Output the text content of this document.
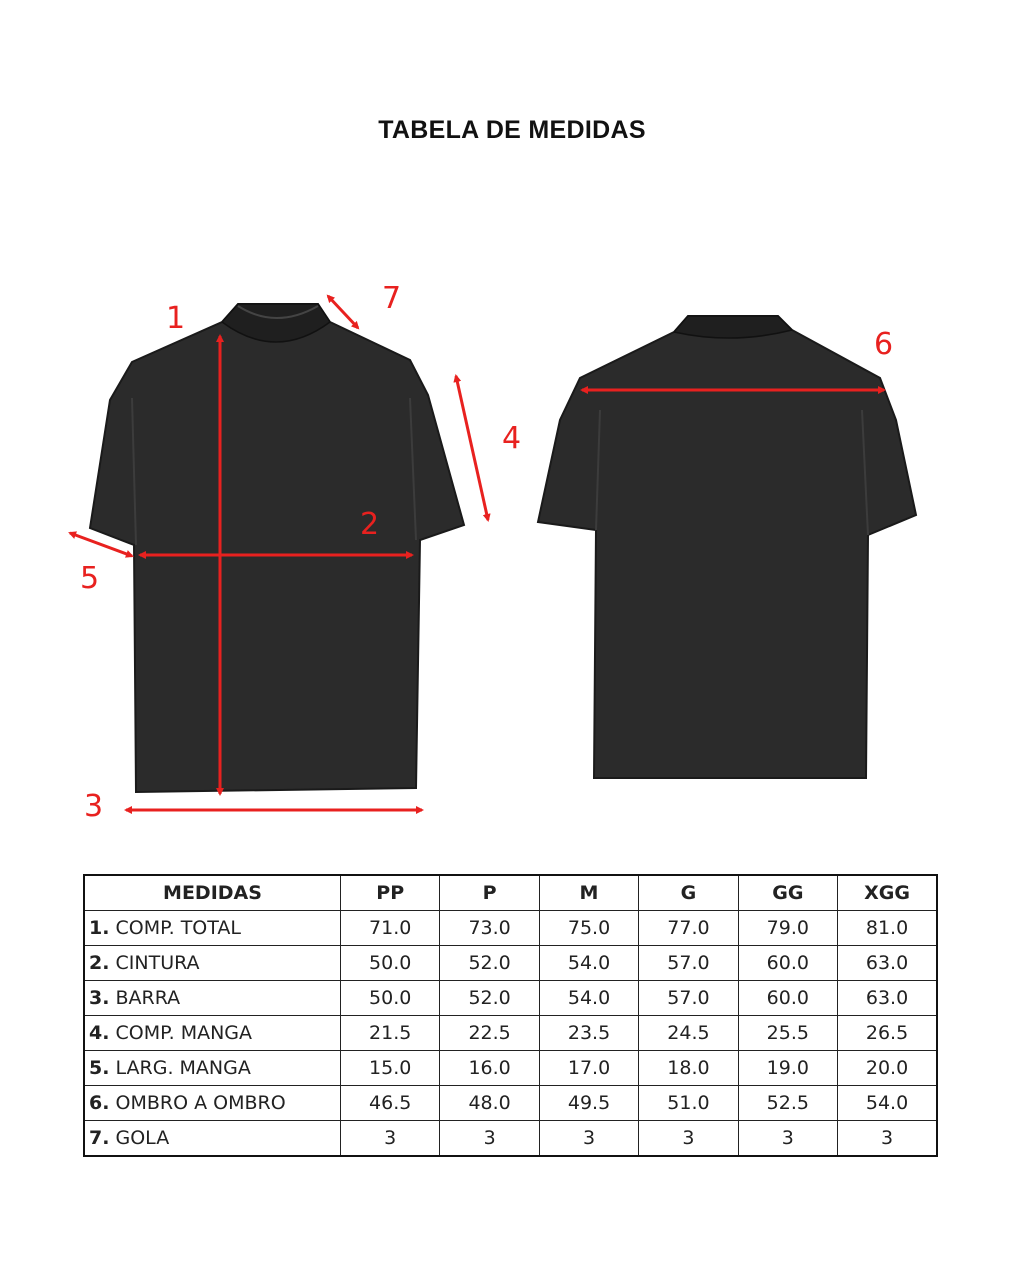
TABELA DE MEDIDAS
1
2
3
4
5
7
6
MEDIDAS	PP	P	M	G	GG	XGG
1. COMP. TOTAL	71.0	73.0	75.0	77.0	79.0	81.0
2. CINTURA	50.0	52.0	54.0	57.0	60.0	63.0
3. BARRA	50.0	52.0	54.0	57.0	60.0	63.0
4. COMP. MANGA	21.5	22.5	23.5	24.5	25.5	26.5
5. LARG. MANGA	15.0	16.0	17.0	18.0	19.0	20.0
6. OMBRO A OMBRO	46.5	48.0	49.5	51.0	52.5	54.0
7. GOLA	3	3	3	3	3	3
